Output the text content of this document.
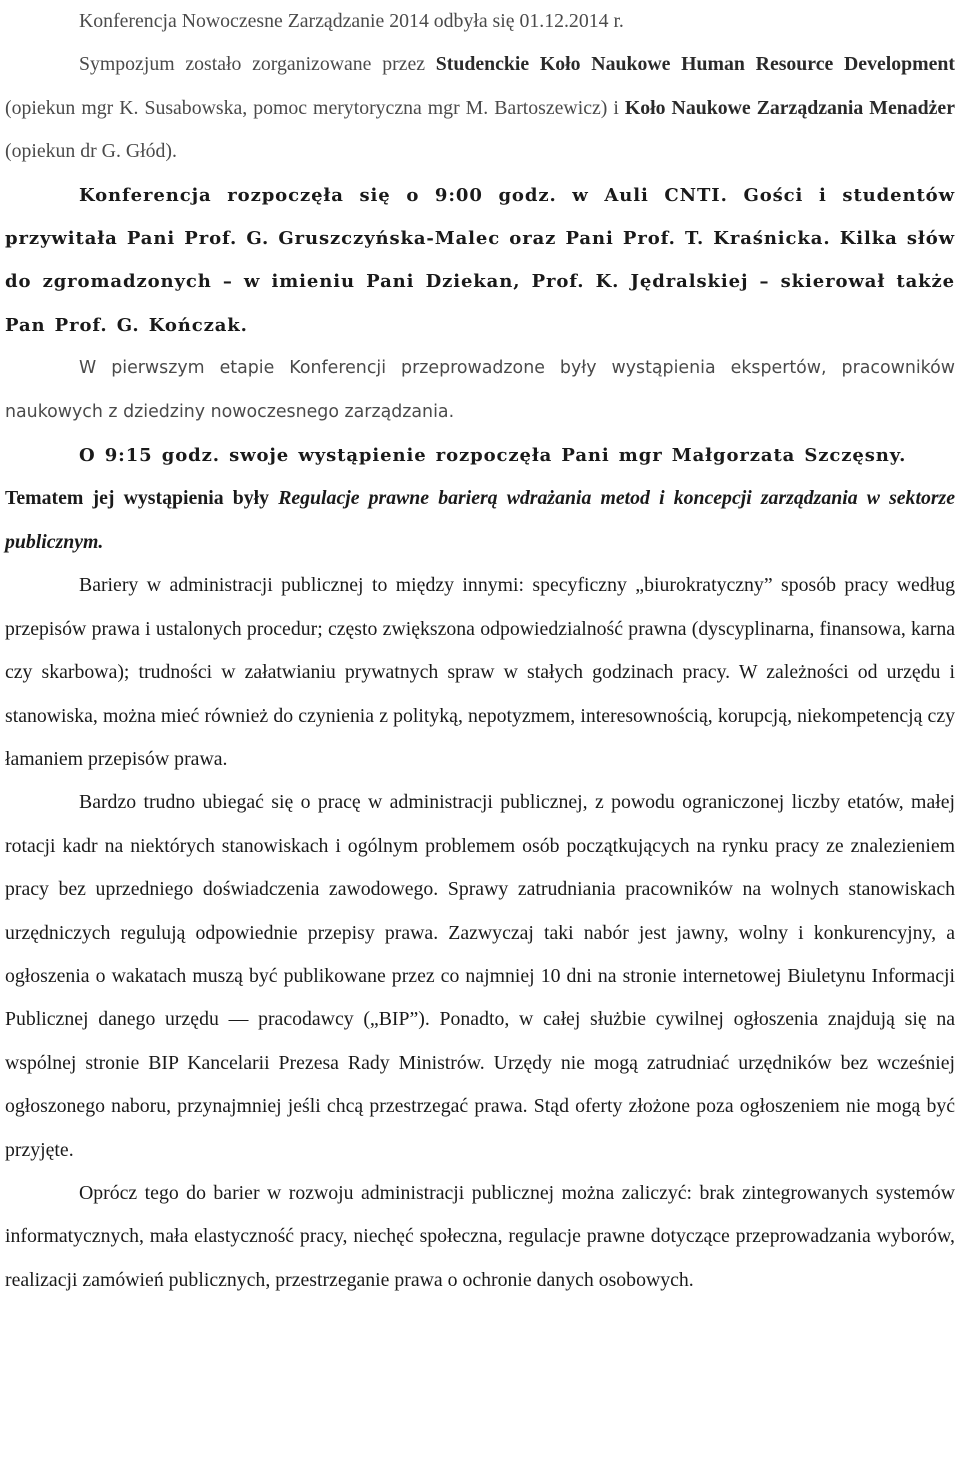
Konferencja Nowoczesne Zarządzanie 2014 odbyła się 01.12.2014 r.

Sympozjum zostało zorganizowane przez Studenckie Koło Naukowe Human Resource Development (opiekun mgr K. Susabowska, pomoc merytoryczna mgr M. Bartoszewicz) i Koło Naukowe Zarządzania Menadżer (opiekun dr G. Głód).

Konferencja rozpoczęła się o 9:00 godz. w Auli CNTI. Gości i studentów przywitała Pani Prof. G. Gruszczyńska-Malec oraz Pani Prof. T. Kraśnicka. Kilka słów do zgromadzonych – w imieniu Pani Dziekan, Prof. K. Jędralskiej – skierował także Pan Prof. G. Kończak.

W pierwszym etapie Konferencji przeprowadzone były wystąpienia ekspertów, pracowników naukowych z dziedziny nowoczesnego zarządzania.

O 9:15 godz. swoje wystąpienie rozpoczęła Pani mgr Małgorzata Szczęsny.

Tematem jej wystąpienia były Regulacje prawne barierą wdrażania metod i koncepcji zarządzania w sektorze publicznym.

Bariery w administracji publicznej to między innymi: specyficzny „biurokratyczny” sposób pracy według przepisów prawa i ustalonych procedur; często zwiększona odpowiedzialność prawna (dyscyplinarna, finansowa, karna czy skarbowa); trudności w załatwianiu prywatnych spraw w stałych godzinach pracy. W zależności od urzędu i stanowiska, można mieć również do czynienia z polityką, nepotyzmem, interesownością, korupcją, niekompetencją czy łamaniem przepisów prawa.

Bardzo trudno ubiegać się o pracę w administracji publicznej, z powodu ograniczonej liczby etatów, małej rotacji kadr na niektórych stanowiskach i ogólnym problemem osób początkujących na rynku pracy ze znalezieniem pracy bez uprzedniego doświadczenia zawodowego. Sprawy zatrudniania pracowników na wolnych stanowiskach urzędniczych regulują odpowiednie przepisy prawa. Zazwyczaj taki nabór jest jawny, wolny i konkurencyjny, a ogłoszenia o wakatach muszą być publikowane przez co najmniej 10 dni na stronie internetowej Biuletynu Informacji Publicznej danego urzędu — pracodawcy („BIP”). Ponadto, w całej służbie cywilnej ogłoszenia znajdują się na wspólnej stronie BIP Kancelarii Prezesa Rady Ministrów. Urzędy nie mogą zatrudniać urzędników bez wcześniej ogłoszonego naboru, przynajmniej jeśli chcą przestrzegać prawa. Stąd oferty złożone poza ogłoszeniem nie mogą być przyjęte.

Oprócz tego do barier w rozwoju administracji publicznej można zaliczyć: brak zintegrowanych systemów informatycznych, mała elastyczność pracy, niechęć społeczna, regulacje prawne dotyczące przeprowadzania wyborów, realizacji zamówień publicznych, przestrzeganie prawa o ochronie danych osobowych.
